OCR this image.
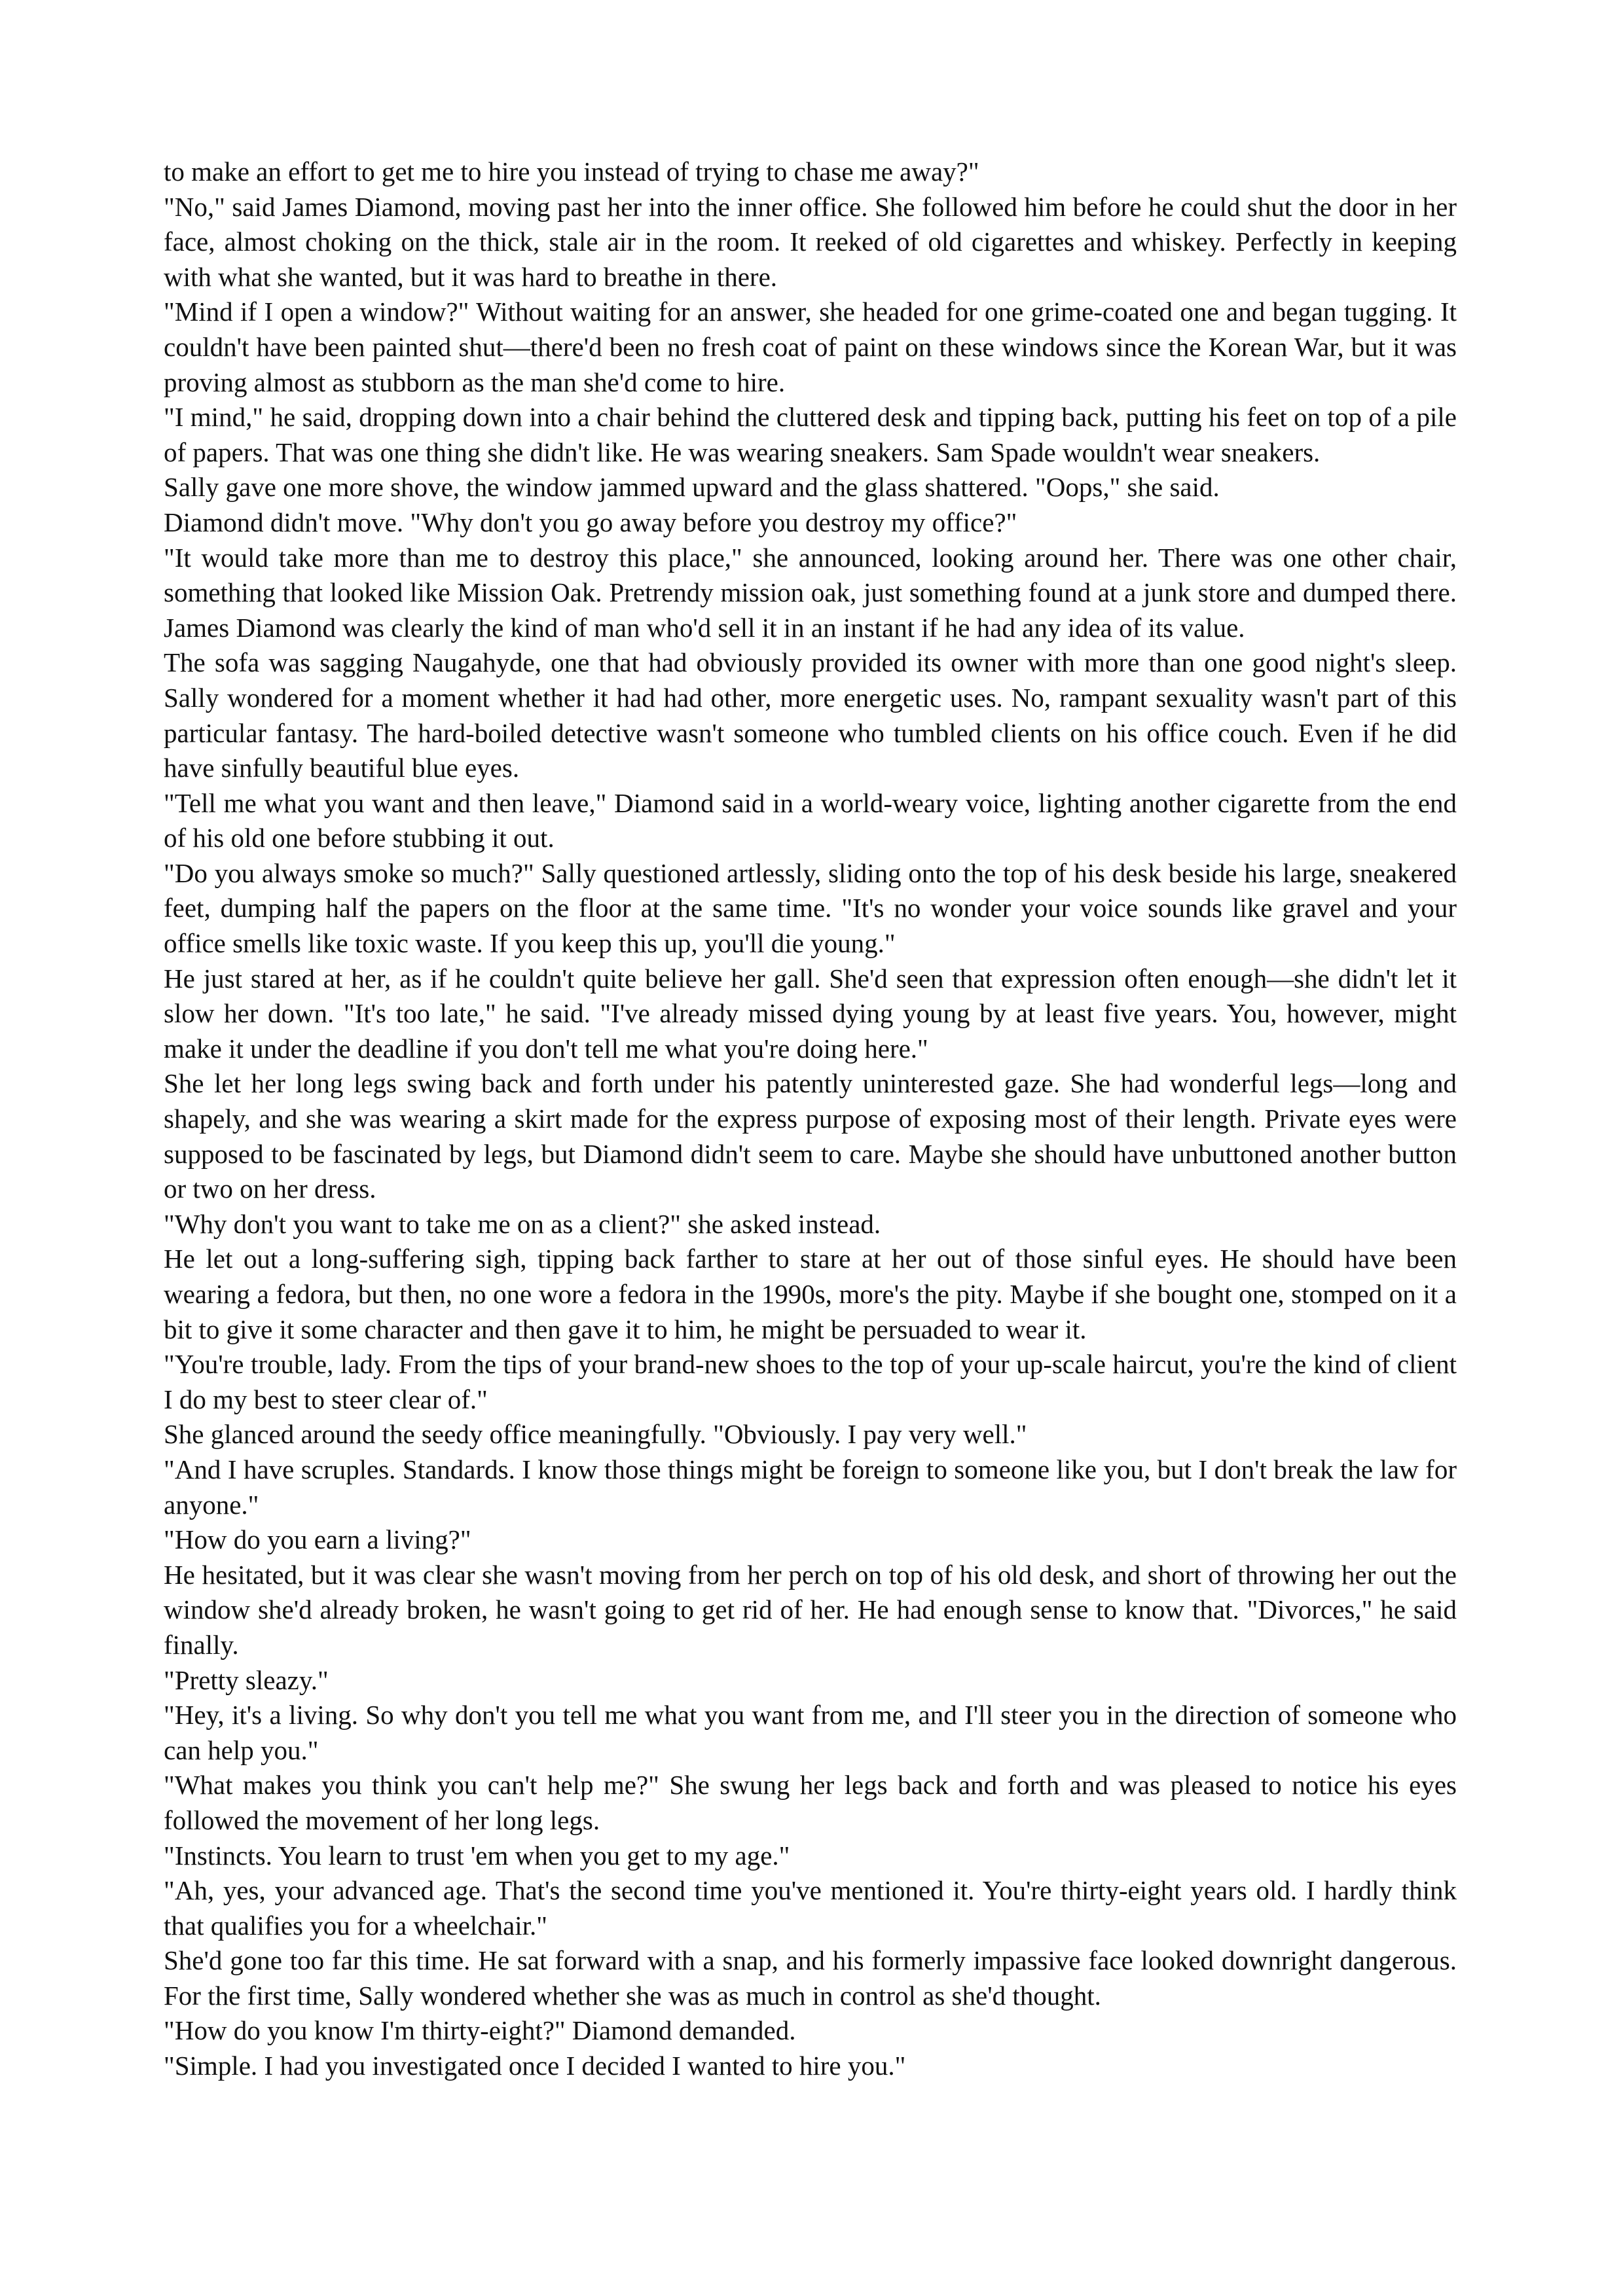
to make an effort to get me to hire you instead of trying to chase me away?"

"No," said James Diamond, moving past her into the inner office. She followed him before he could shut the door in her face, almost choking on the thick, stale air in the room. It reeked of old cigarettes and whiskey. Perfectly in keeping with what she wanted, but it was hard to breathe in there.

"Mind if I open a window?" Without waiting for an answer, she headed for one grime-coated one and began tugging. It couldn't have been painted shut—there'd been no fresh coat of paint on these windows since the Korean War, but it was proving almost as stubborn as the man she'd come to hire.

"I mind," he said, dropping down into a chair behind the cluttered desk and tipping back, putting his feet on top of a pile of papers. That was one thing she didn't like. He was wearing sneakers. Sam Spade wouldn't wear sneakers.

Sally gave one more shove, the window jammed upward and the glass shattered. "Oops," she said.

Diamond didn't move. "Why don't you go away before you destroy my office?"

"It would take more than me to destroy this place," she announced, looking around her. There was one other chair, something that looked like Mission Oak. Pretrendy mission oak, just something found at a junk store and dumped there. James Diamond was clearly the kind of man who'd sell it in an instant if he had any idea of its value.

The sofa was sagging Naugahyde, one that had obviously provided its owner with more than one good night's sleep. Sally wondered for a moment whether it had had other, more energetic uses. No, rampant sexuality wasn't part of this particular fantasy. The hard-boiled detective wasn't someone who tumbled clients on his office couch. Even if he did have sinfully beautiful blue eyes.

"Tell me what you want and then leave," Diamond said in a world-weary voice, lighting another cigarette from the end of his old one before stubbing it out.

"Do you always smoke so much?" Sally questioned artlessly, sliding onto the top of his desk beside his large, sneakered feet, dumping half the papers on the floor at the same time. "It's no wonder your voice sounds like gravel and your office smells like toxic waste. If you keep this up, you'll die young."

He just stared at her, as if he couldn't quite believe her gall. She'd seen that expression often enough—she didn't let it slow her down. "It's too late," he said. "I've already missed dying young by at least five years. You, however, might make it under the deadline if you don't tell me what you're doing here."

She let her long legs swing back and forth under his patently uninterested gaze. She had wonderful legs—long and shapely, and she was wearing a skirt made for the express purpose of exposing most of their length. Private eyes were supposed to be fascinated by legs, but Diamond didn't seem to care. Maybe she should have unbuttoned another button or two on her dress.

"Why don't you want to take me on as a client?" she asked instead.

He let out a long-suffering sigh, tipping back farther to stare at her out of those sinful eyes. He should have been wearing a fedora, but then, no one wore a fedora in the 1990s, more's the pity. Maybe if she bought one, stomped on it a bit to give it some character and then gave it to him, he might be persuaded to wear it.

"You're trouble, lady. From the tips of your brand-new shoes to the top of your up-scale haircut, you're the kind of client I do my best to steer clear of."

She glanced around the seedy office meaningfully. "Obviously. I pay very well."

"And I have scruples. Standards. I know those things might be foreign to someone like you, but I don't break the law for anyone."

"How do you earn a living?"

He hesitated, but it was clear she wasn't moving from her perch on top of his old desk, and short of throwing her out the window she'd already broken, he wasn't going to get rid of her. He had enough sense to know that. "Divorces," he said finally.

"Pretty sleazy."

"Hey, it's a living. So why don't you tell me what you want from me, and I'll steer you in the direction of someone who can help you."

"What makes you think you can't help me?" She swung her legs back and forth and was pleased to notice his eyes followed the movement of her long legs.

"Instincts. You learn to trust 'em when you get to my age."

"Ah, yes, your advanced age. That's the second time you've mentioned it. You're thirty-eight years old. I hardly think that qualifies you for a wheelchair."

She'd gone too far this time. He sat forward with a snap, and his formerly impassive face looked downright dangerous. For the first time, Sally wondered whether she was as much in control as she'd thought.

"How do you know I'm thirty-eight?" Diamond demanded.

"Simple. I had you investigated once I decided I wanted to hire you."
